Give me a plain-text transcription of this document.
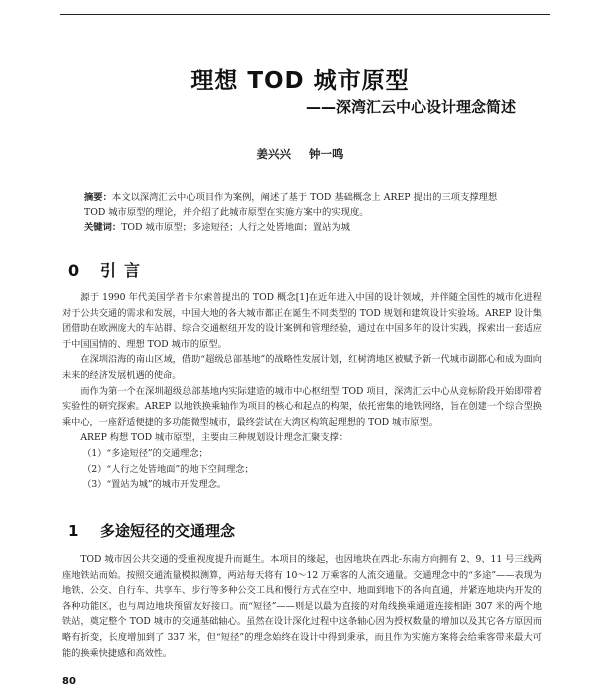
理想 TOD 城市原型
——深湾汇云中心设计理念简述
姜兴兴 钟一鸣

摘要：本文以深湾汇云中心项目作为案例，阐述了基于 TOD 基础概念上 AREP 提出的三项支撑理想 TOD 城市原型的理论，并介绍了此城市原型在实施方案中的实现度。

关键词：TOD 城市原型；多途短径；人行之处皆地面；置站为城

0 引言

源于 1990 年代美国学者卡尔索普提出的 TOD 概念[1]在近年进入中国的设计领域，并伴随全国性的城市化进程对于公共交通的需求和发展，中国大地的各大城市都正在诞生不同类型的 TOD 规划和建筑设计实验场。AREP 设计集团借助在欧洲庞大的车站群、综合交通枢纽开发的设计案例和管理经验，通过在中国多年的设计实践，探索出一套适应于中国国情的、理想 TOD 城市的原型。

在深圳沿海的南山区域，借助“超级总部基地”的战略性发展计划，红树湾地区被赋予新一代城市副都心和成为面向未来的经济发展机遇的使命。

而作为第一个在深圳超级总部基地内实际建造的城市中心枢纽型 TOD 项目，深湾汇云中心从竞标阶段开始即带着实验性的研究探索。AREP 以地铁换乘轴作为项目的核心和起点的构架，依托密集的地铁网络，旨在创建一个综合型换乘中心，一座舒适便捷的多功能微型城市，最终尝试在大湾区构筑起理想的 TOD 城市原型。

AREP 构想 TOD 城市原型，主要由三种规划设计理念汇聚支撑：

（1）“多途短径”的交通理念；

（2）“人行之处皆地面”的地下空间理念；

（3）“置站为城”的城市开发理念。

1 多途短径的交通理念

TOD 城市因公共交通的受重视度提升而诞生。本项目的缘起，也因地块在西北-东南方向拥有 2、9、11 号三线两座地铁站而始。按照交通流量模拟测算，两站每天将有 10～12 万乘客的人流交通量。交通理念中的“多途”——表现为地铁、公交、自行车、共享车、步行等多种公交工具和慢行方式在空中、地面到地下的各向直通，并紧连地块内开发的各种功能区，也与周边地块预留友好接口。而“短径”——则是以最为直接的对角线换乘通道连接相距 307 米的两个地铁站，奠定整个 TOD 城市的交通基础轴心。虽然在设计深化过程中这条轴心因为授权数量的增加以及其它各方原因而略有折变，长度增加到了 337 米，但“短径”的理念始终在设计中得到秉承，而且作为实施方案将会给乘客带来最大可能的换乘快捷感和高效性。

80
